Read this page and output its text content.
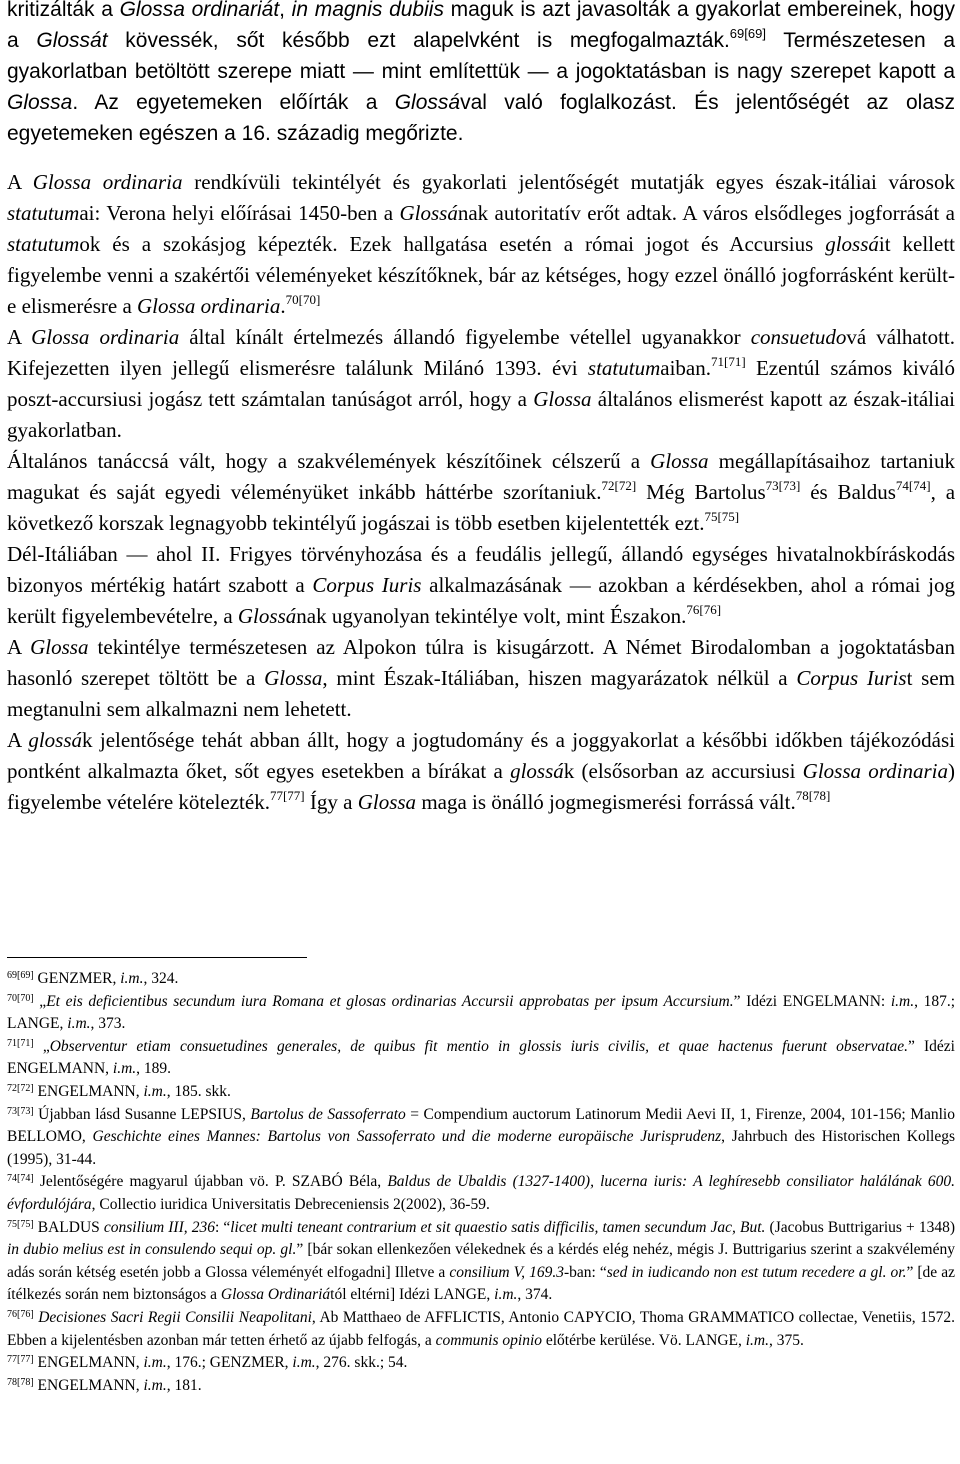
kritizálták a Glossa ordinariát, in magnis dubiis maguk is azt javasolták a gyakorlat embereinek, hogy a Glossát kövessék, sőt később ezt alapelvként is megfogalmazták.$^{69[69]}$ Természetesen a gyakorlatban betöltött szerepe miatt — mint említettük — a jogoktatásban is nagy szerepet kapott a Glossa. Az egyetemeken előírták a Glossával való foglalkozást. És jelentőségét az olasz egyetemeken egészen a 16. századig megőrizte.

A Glossa ordinaria rendkívüli tekintélyét és gyakorlati jelentőségét mutatják egyes észak-itáliai városok statutumai: Verona helyi előírásai 1450-ben a Glossának autoritatív erőt adtak. A város elsődleges jogforrását a statutumok és a szokásjog képezték. Ezek hallgatása esetén a római jogot és Accursius glossáit kellett figyelembe venni a szakértői véleményeket készítőknek, bár az kétséges, hogy ezzel önálló jogforrásként került-e elismerésre a Glossa ordinaria.$^{70[70]}$

A Glossa ordinaria által kínált értelmezés állandó figyelembe vétellel ugyanakkor consuetudová válhatott. Kifejezetten ilyen jellegű elismerésre találunk Milánó 1393. évi statutumaiban.$^{71[71]}$ Ezentúl számos kiváló poszt-accursiusi jogász tett számtalan tanúságot arról, hogy a Glossa általános elismerést kapott az észak-itáliai gyakorlatban.

Általános tanáccsá vált, hogy a szakvélemények készítőinek célszerű a Glossa megállapításaihoz tartaniuk magukat és saját egyedi véleményüket inkább háttérbe szorítaniuk.$^{72[72]}$ Még Bartolus$^{73[73]}$ és Baldus$^{74[74]}$, a következő korszak legnagyobb tekintélyű jogászai is több esetben kijelentették ezt.$^{75[75]}$

Dél-Itáliában — ahol II. Frigyes törvényhozása és a feudális jellegű, állandó egységes hivatalnokbíráskodás bizonyos mértékig határt szabott a Corpus Iuris alkalmazásának — azokban a kérdésekben, ahol a római jog került figyelembevételre, a Glossának ugyanolyan tekintélye volt, mint Északon.$^{76[76]}$

A Glossa tekintélye természetesen az Alpokon túlra is kisugárzott. A Német Birodalomban a jogoktatásban hasonló szerepet töltött be a Glossa, mint Észak-Itáliában, hiszen magyarázatok nélkül a Corpus Iurist sem megtanulni sem alkalmazni nem lehetett.

A glossák jelentősége tehát abban állt, hogy a jogtudomány és a joggyakorlat a későbbi időkben tájékozódási pontként alkalmazta őket, sőt egyes esetekben a bírákat a glossák (elsősorban az accursiusi Glossa ordinaria) figyelembe vételére kötelezték.$^{77[77]}$ Így a Glossa maga is önálló jogmegismerési forrássá vált.$^{78[78]}$

$^{69[69]}$ GENZMER, i.m., 324.

$^{70[70]}$ „Et eis deficientibus secundum iura Romana et glosas ordinarias Accursii approbatas per ipsum Accursium.” Idézi ENGELMANN: i.m., 187.; LANGE, i.m., 373.

$^{71[71]}$ „Observentur etiam consuetudines generales, de quibus fit mentio in glossis iuris civilis, et quae hactenus fuerunt observatae.” Idézi ENGELMANN, i.m., 189.

$^{72[72]}$ ENGELMANN, i.m., 185. skk.

$^{73[73]}$ Újabban lásd Susanne LEPSIUS, Bartolus de Sassoferrato = Compendium auctorum Latinorum Medii Aevi II, 1, Firenze, 2004, 101-156; Manlio BELLOMO, Geschichte eines Mannes: Bartolus von Sassoferrato und die moderne europäische Jurisprudenz, Jahrbuch des Historischen Kollegs (1995), 31-44.

$^{74[74]}$ Jelentőségére magyarul újabban vö. P. SZABÓ Béla, Baldus de Ubaldis (1327-1400), lucerna iuris: A leghíresebb consiliator halálának 600. évfordulójára, Collectio iuridica Universitatis Debreceniensis 2(2002), 36-59.

$^{75[75]}$ BALDUS consilium III, 236: “licet multi teneant contrarium et sit quaestio satis difficilis, tamen secundum Jac, But. (Jacobus Buttrigarius + 1348) in dubio melius est in consulendo sequi op. gl.” [bár sokan ellenkezően vélekednek és a kérdés elég nehéz, mégis J. Buttrigarius szerint a szakvélemény adás során kétség esetén jobb a Glossa véleményét elfogadni] Illetve a consilium V, 169.3-ban: “sed in iudicando non est tutum recedere a gl. or.” [de az ítélkezés során nem biztonságos a Glossa Ordinariától eltérni] Idézi LANGE, i.m., 374.

$^{76[76]}$ Decisiones Sacri Regii Consilii Neapolitani, Ab Matthaeo de AFFLICTIS, Antonio CAPYCIO, Thoma GRAMMATICO collectae, Venetiis, 1572. Ebben a kijelentésben azonban már tetten érhető az újabb felfogás, a communis opinio előtérbe kerülése. Vö. LANGE, i.m., 375.

$^{77[77]}$ ENGELMANN, i.m., 176.; GENZMER, i.m., 276. skk.; 54.

$^{78[78]}$ ENGELMANN, i.m., 181.
